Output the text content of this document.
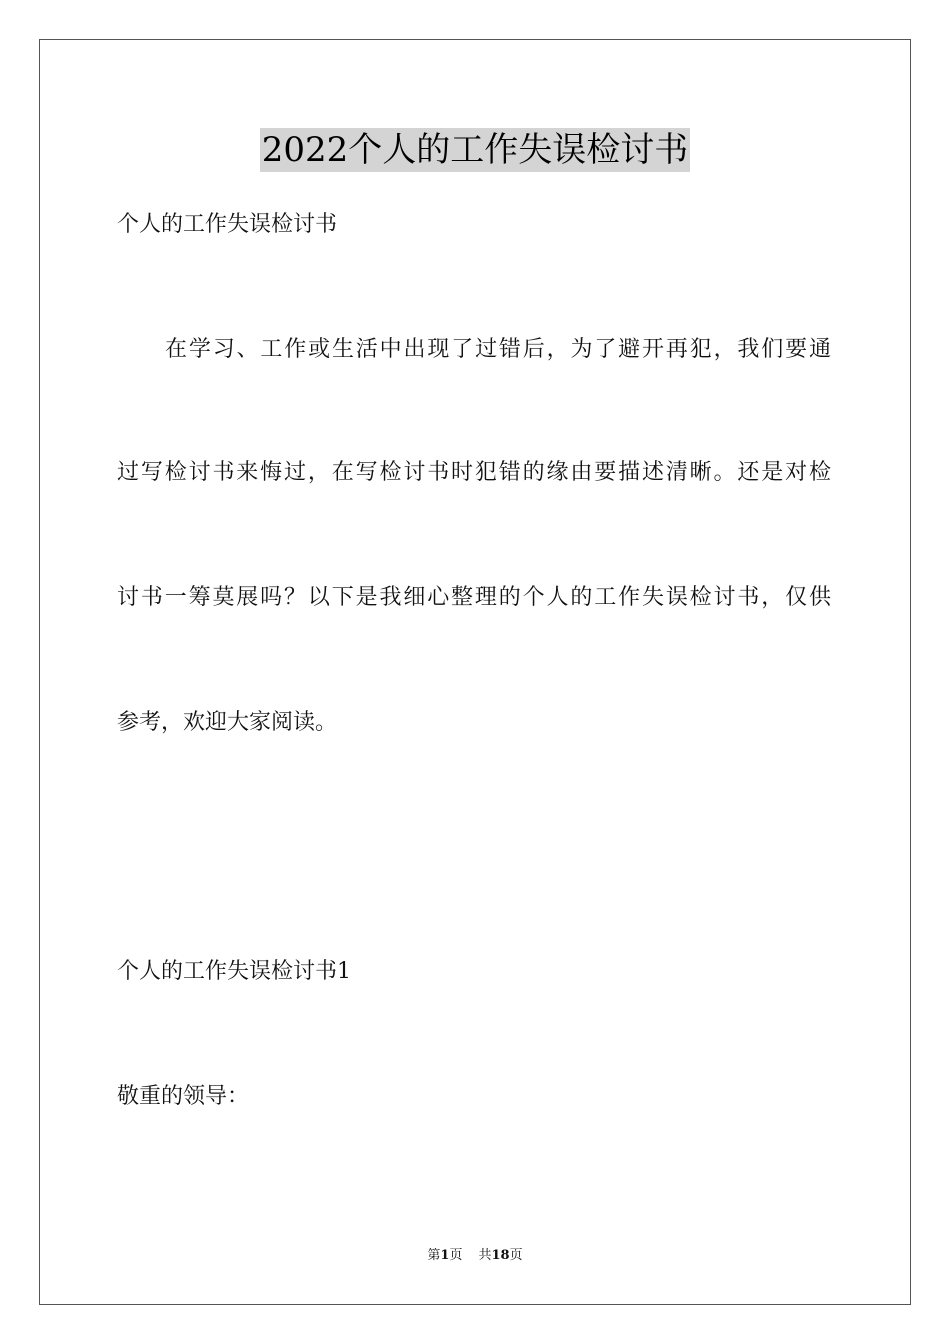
2022个人的工作失误检讨书
个人的工作失误检讨书
在学习、工作或生活中出现了过错后，为了避开再犯，我们要通
过写检讨书来悔过，在写检讨书时犯错的缘由要描述清晰。还是对检
讨书一筹莫展吗？以下是我细心整理的个人的工作失误检讨书，仅供
参考，欢迎大家阅读。
个人的工作失误检讨书1
敬重的领导：
第1页 共18页
